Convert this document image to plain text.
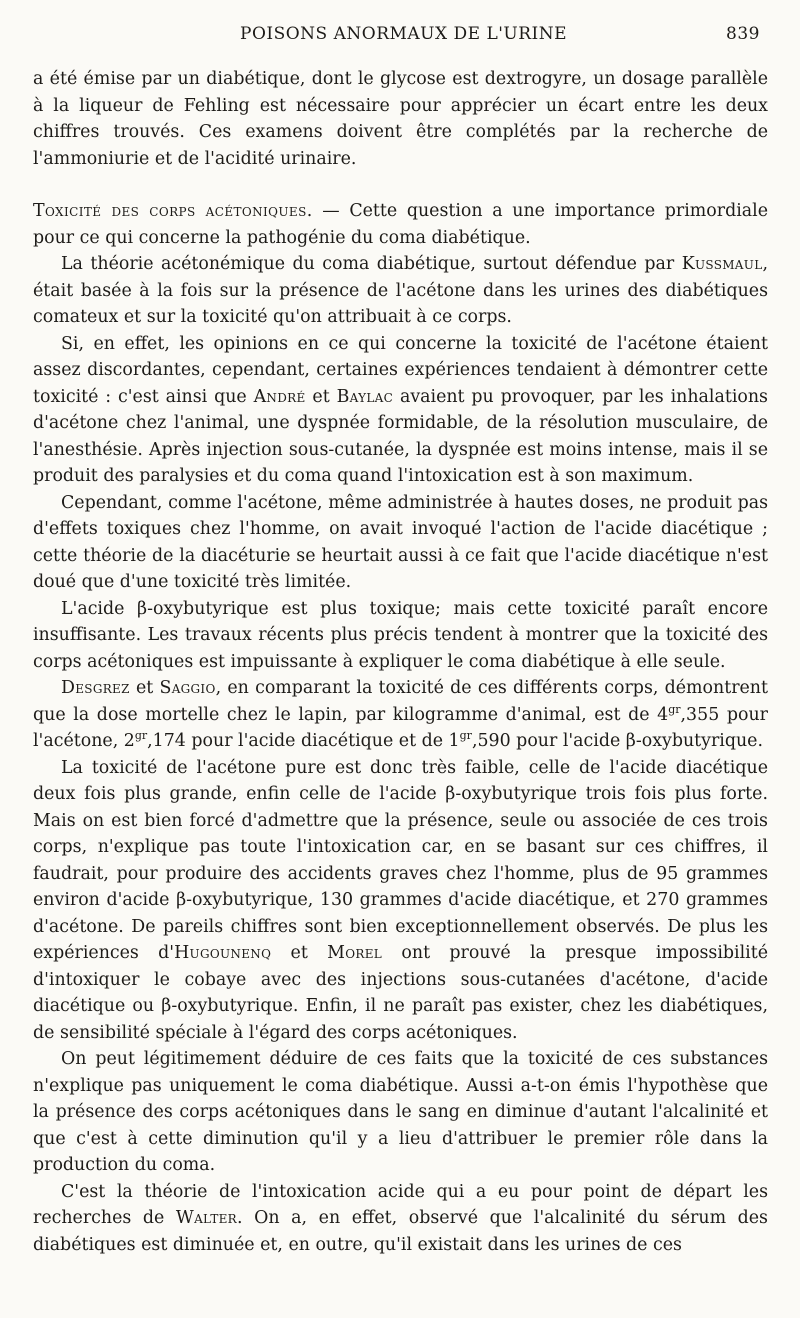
POISONS ANORMAUX DE L'URINE	839

a été émise par un diabétique, dont le glycose est dextrogyre, un dosage parallèle à la liqueur de Fehling est nécessaire pour apprécier un écart entre les deux chiffres trouvés. Ces examens doivent être complétés par la recherche de l'ammoniurie et de l'acidité urinaire.

Toxicité des corps acétoniques. — Cette question a une importance primordiale pour ce qui concerne la pathogénie du coma diabétique.

La théorie acétonémique du coma diabétique, surtout défendue par Kussmaul, était basée à la fois sur la présence de l'acétone dans les urines des diabétiques comateux et sur la toxicité qu'on attribuait à ce corps.

Si, en effet, les opinions en ce qui concerne la toxicité de l'acétone étaient assez discordantes, cependant, certaines expériences tendaient à démontrer cette toxicité : c'est ainsi que André et Baylac avaient pu provoquer, par les inhalations d'acétone chez l'animal, une dyspnée formidable, de la résolution musculaire, de l'anesthésie. Après injection sous-cutanée, la dyspnée est moins intense, mais il se produit des paralysies et du coma quand l'intoxication est à son maximum.

Cependant, comme l'acétone, même administrée à hautes doses, ne produit pas d'effets toxiques chez l'homme, on avait invoqué l'action de l'acide diacétique ; cette théorie de la diacéturie se heurtait aussi à ce fait que l'acide diacétique n'est doué que d'une toxicité très limitée.

L'acide β-oxybutyrique est plus toxique; mais cette toxicité paraît encore insuffisante. Les travaux récents plus précis tendent à montrer que la toxicité des corps acétoniques est impuissante à expliquer le coma diabétique à elle seule.

Desgrez et Saggio, en comparant la toxicité de ces différents corps, démontrent que la dose mortelle chez le lapin, par kilogramme d'animal, est de $4^{gr},355$ pour l'acétone, $2^{gr},174$ pour l'acide diacétique et de $1^{gr},590$ pour l'acide β-oxybutyrique.

La toxicité de l'acétone pure est donc très faible, celle de l'acide diacétique deux fois plus grande, enfin celle de l'acide β-oxybutyrique trois fois plus forte. Mais on est bien forcé d'admettre que la présence, seule ou associée de ces trois corps, n'explique pas toute l'intoxication car, en se basant sur ces chiffres, il faudrait, pour produire des accidents graves chez l'homme, plus de 95 grammes environ d'acide β-oxybutyrique, 130 grammes d'acide diacétique, et 270 grammes d'acétone. De pareils chiffres sont bien exceptionnellement observés. De plus les expériences d'Hugounenq et Morel ont prouvé la presque impossibilité d'intoxiquer le cobaye avec des injections sous-cutanées d'acétone, d'acide diacétique ou β-oxybutyrique. Enfin, il ne paraît pas exister, chez les diabétiques, de sensibilité spéciale à l'égard des corps acétoniques.

On peut légitimement déduire de ces faits que la toxicité de ces substances n'explique pas uniquement le coma diabétique. Aussi a-t-on émis l'hypothèse que la présence des corps acétoniques dans le sang en diminue d'autant l'alcalinité et que c'est à cette diminution qu'il y a lieu d'attribuer le premier rôle dans la production du coma.

C'est la théorie de l'intoxication acide qui a eu pour point de départ les recherches de Walter. On a, en effet, observé que l'alcalinité du sérum des diabétiques est diminuée et, en outre, qu'il existait dans les urines de ces
